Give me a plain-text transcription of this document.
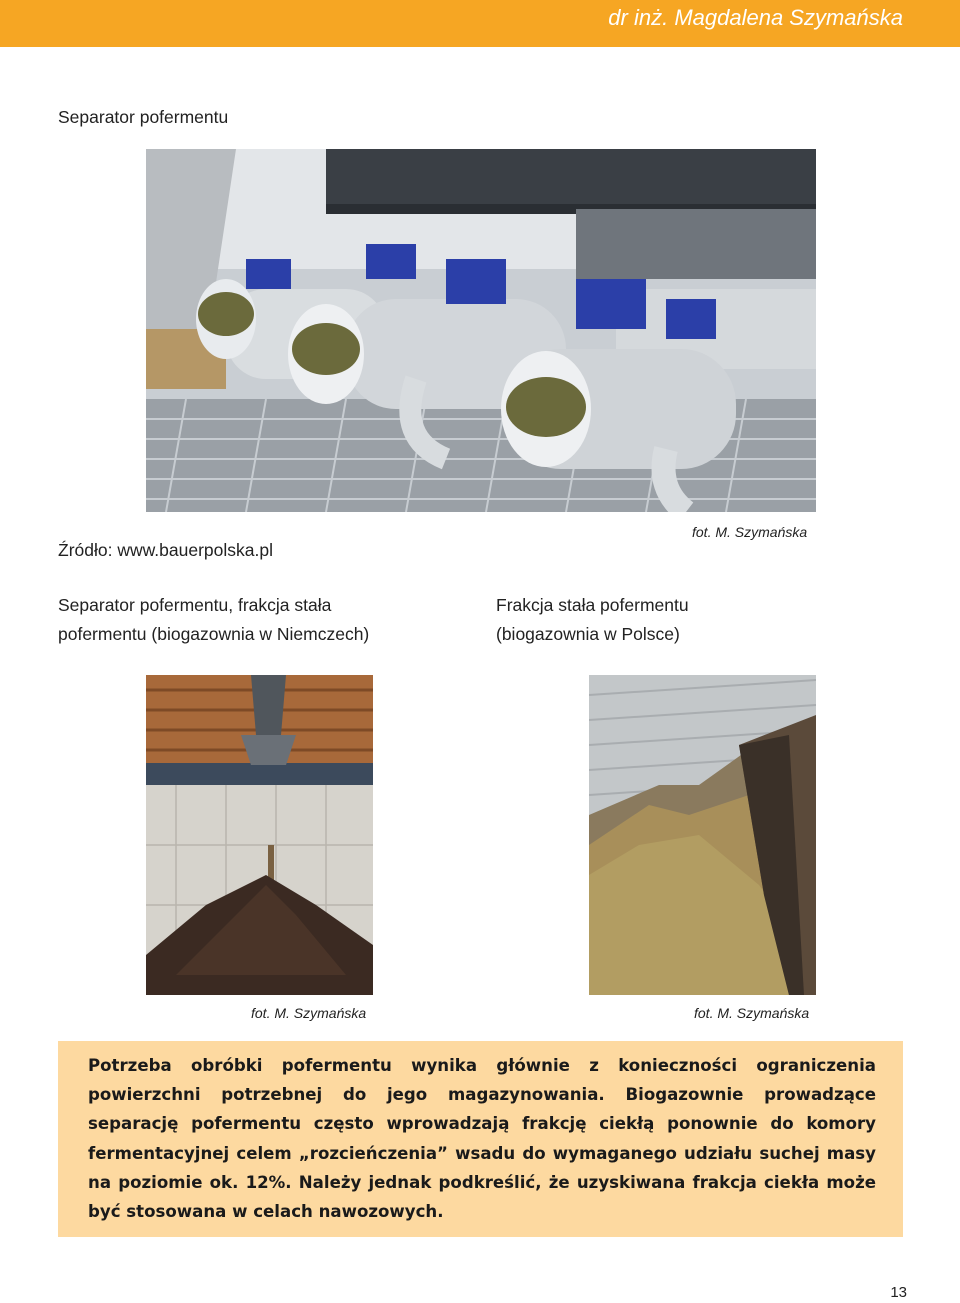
dr inż. Magdalena Szymańska
Separator pofermentu
Źródło: www.bauerpolska.pl
fot. M. Szymańska
Separator pofermentu, frakcja stała
pofermentu (biogazownia w Niemczech)
Frakcja stała pofermentu
(biogazownia w Polsce)
fot. M. Szymańska	fot. M. Szymańska

Potrzeba obróbki pofermentu wynika głównie z konieczności ograniczenia powierzchni potrzebnej do jego magazynowania. Biogazownie prowadzące separację pofermentu często wprowadzają frakcję ciekłą ponownie do komory fermentacyjnej celem „rozcieńczenia” wsadu do wymaganego udziału suchej masy na poziomie ok. 12%. Należy jednak podkreślić, że uzyskiwana frakcja ciekła może być stosowana w celach nawozowych.

13
